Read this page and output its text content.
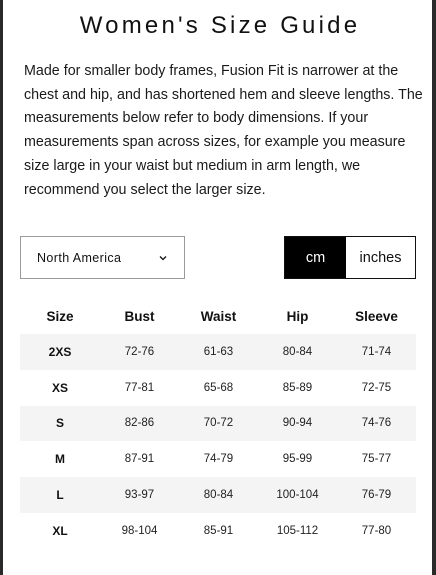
Women's Size Guide

Made for smaller body frames, Fusion Fit is narrower at the chest and hip, and has shortened hem and sleeve lengths. The measurements below refer to body dimensions. If your measurements span across sizes, for example you measure size large in your waist but medium in arm length, we recommend you select the larger size.

North America	cm	inches
Size	Bust	Waist	Hip	Sleeve
2XS	72-76	61-63	80-84	71-74
XS	77-81	65-68	85-89	72-75
S	82-86	70-72	90-94	74-76
M	87-91	74-79	95-99	75-77
L	93-97	80-84	100-104	76-79
XL	98-104	85-91	105-112	77-80
